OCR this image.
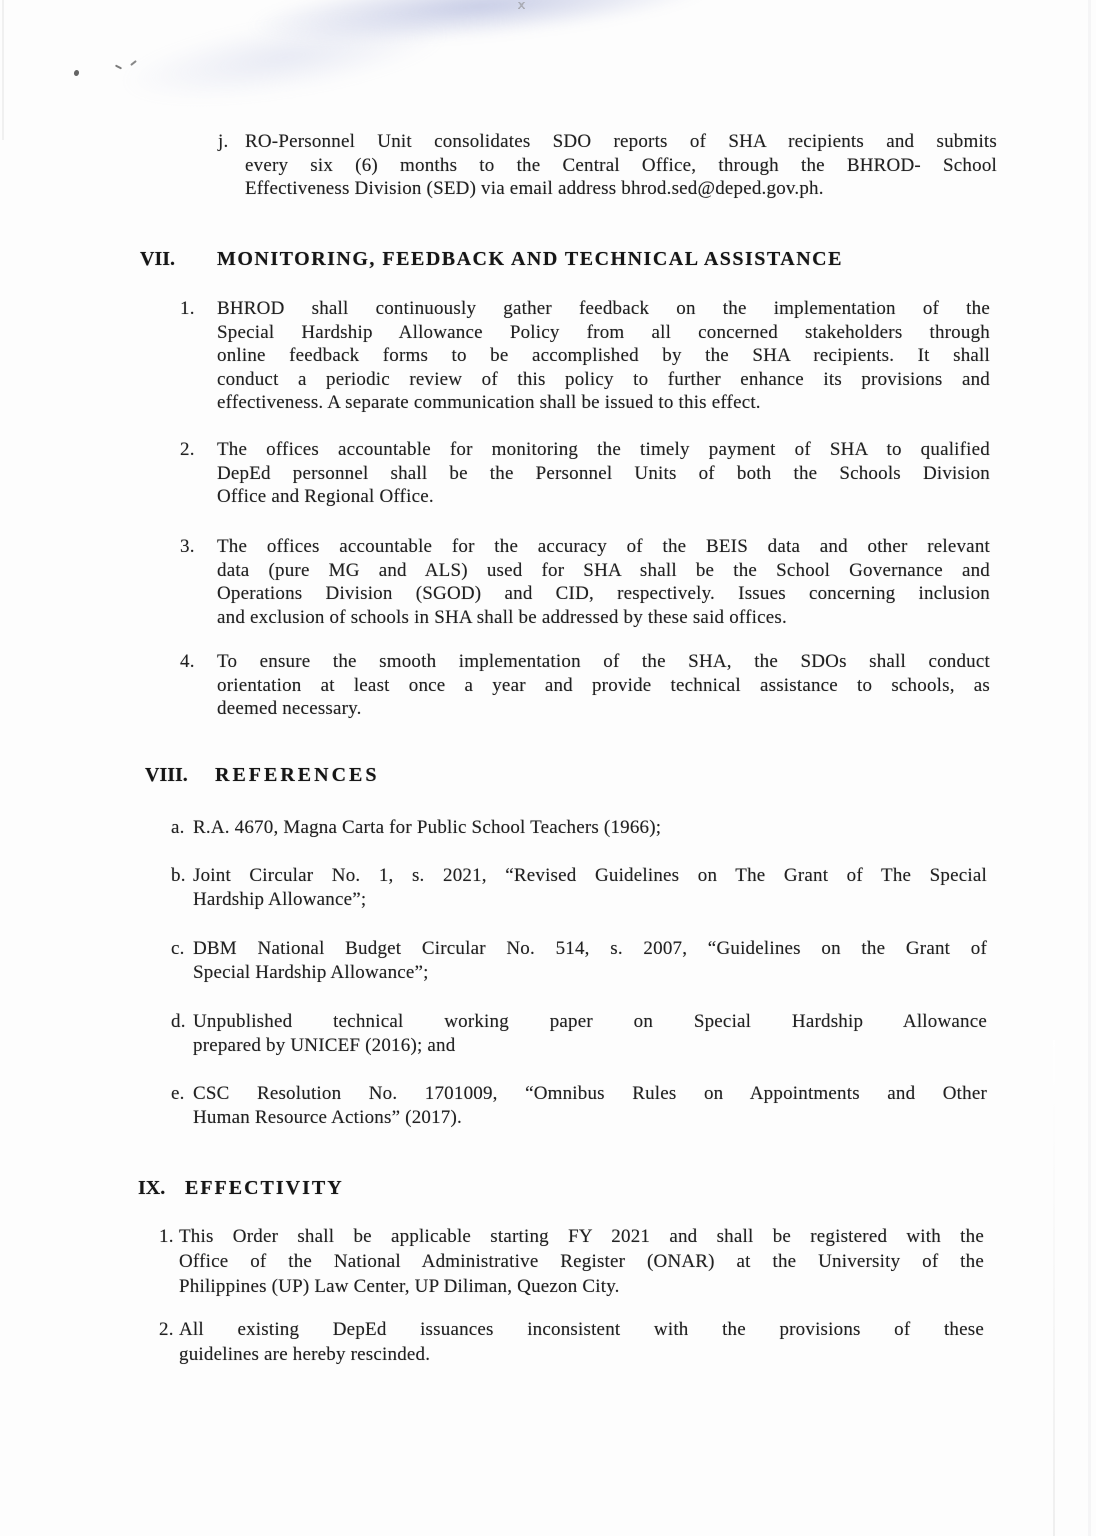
j. RO-Personnel Unit consolidates SDO reports of SHA recipients and submits
every six (6) months to the Central Office, through the BHROD- School
Effectiveness Division (SED) via email address bhrod.sed@deped.gov.ph.
VII.	MONITORING, FEEDBACK AND TECHNICAL ASSISTANCE
1.	BHROD shall continuously gather feedback on the implementation of the
Special Hardship Allowance Policy from all concerned stakeholders through
online feedback forms to be accomplished by the SHA recipients. It shall
conduct a periodic review of this policy to further enhance its provisions and
effectiveness. A separate communication shall be issued to this effect.
2.	The offices accountable for monitoring the timely payment of SHA to qualified
DepEd personnel shall be the Personnel Units of both the Schools Division
Office and Regional Office.
3.	The offices accountable for the accuracy of the BEIS data and other relevant
data (pure MG and ALS) used for SHA shall be the School Governance and
Operations Division (SGOD) and CID, respectively. Issues concerning inclusion
and exclusion of schools in SHA shall be addressed by these said offices.
4.	To ensure the smooth implementation of the SHA, the SDOs shall conduct
orientation at least once a year and provide technical assistance to schools, as
deemed necessary.
VIII.	REFERENCES
a. R.A. 4670, Magna Carta for Public School Teachers (1966);
b. Joint Circular No. 1, s. 2021, “Revised Guidelines on The Grant of The Special
Hardship Allowance”;
c. DBM National Budget Circular No. 514, s. 2007, “Guidelines on the Grant of
Special Hardship Allowance”;
d. Unpublished technical working paper on Special Hardship Allowance
prepared by UNICEF (2016); and
e. CSC Resolution No. 1701009, “Omnibus Rules on Appointments and Other
Human Resource Actions” (2017).
IX. EFFECTIVITY
1. This Order shall be applicable starting FY 2021 and shall be registered with the
Office of the National Administrative Register (ONAR) at the University of the
Philippines (UP) Law Center, UP Diliman, Quezon City.
2. All existing DepEd issuances inconsistent with the provisions of these
guidelines are hereby rescinded.
